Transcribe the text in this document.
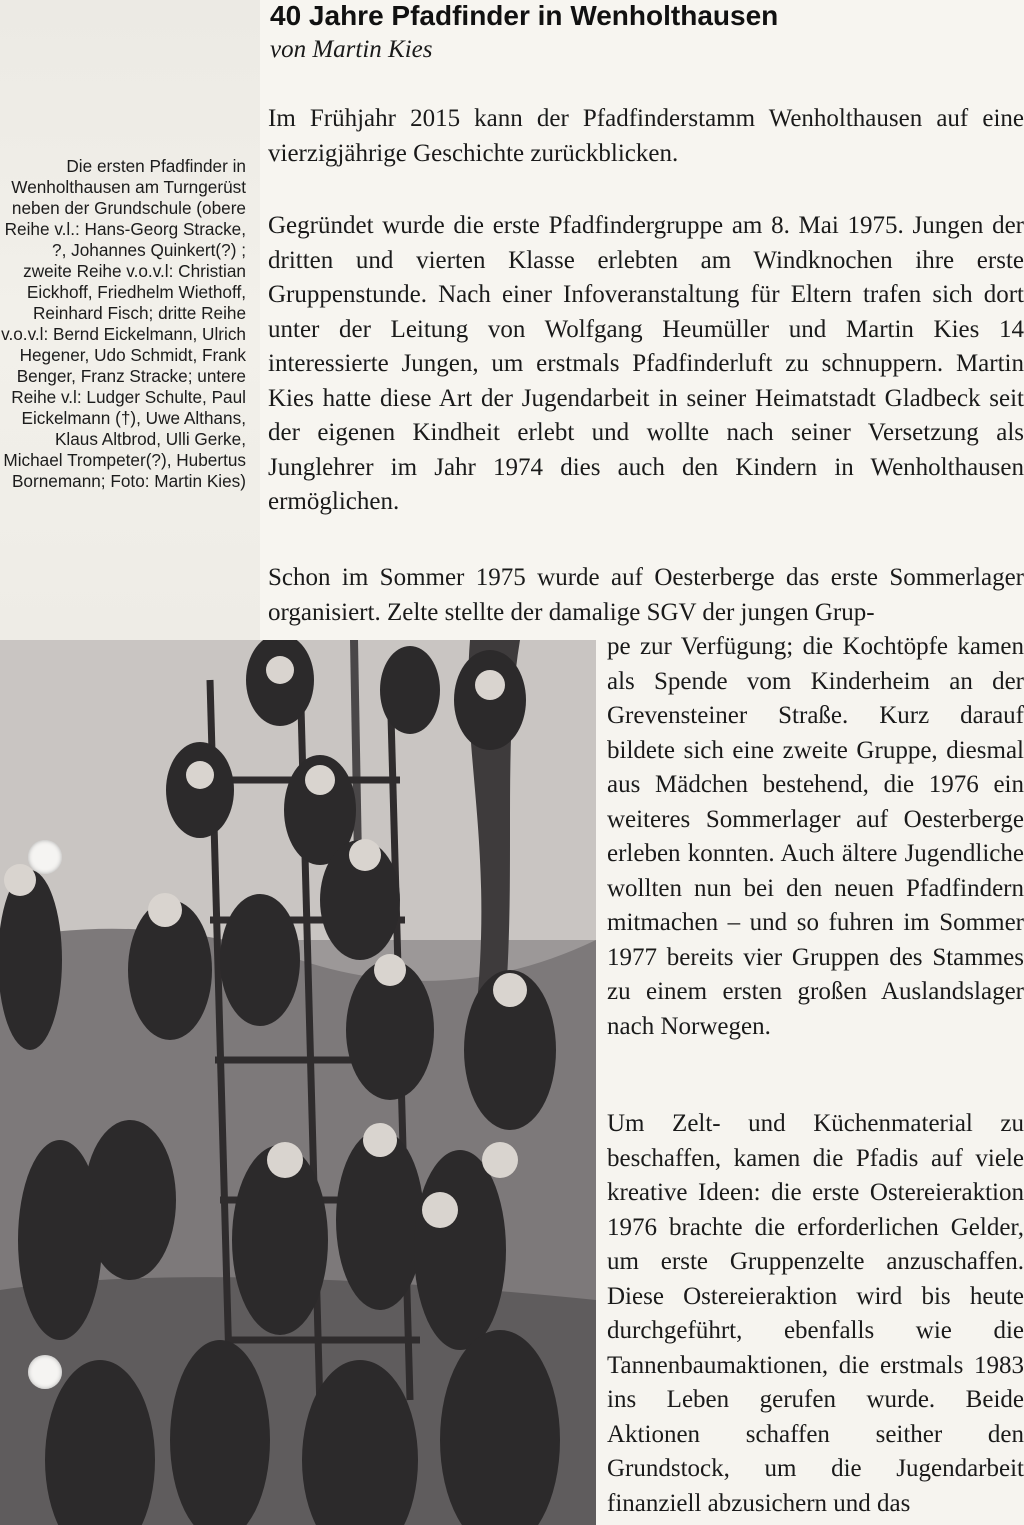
40 Jahre Pfadfinder in Wenholthausen

von Martin Kies

Die ersten Pfadfinder in Wenholthausen am Turngerüst neben der Grundschule (obere Reihe v.l.: Hans-Georg Stracke, ?, Johannes Quinkert(?) ; zweite Reihe v.o.v.l: Christian Eickhoff, Friedhelm Wiethoff, Reinhard Fisch; dritte Reihe v.o.v.l: Bernd Eickelmann, Ulrich Hegener, Udo Schmidt, Frank Benger, Franz Stracke; untere Reihe v.l: Ludger Schulte, Paul Eickelmann (†), Uwe Althans, Klaus Altbrod, Ulli Gerke, Michael Trompeter(?), Hubertus Bornemann; Foto: Martin Kies)

Im Frühjahr 2015 kann der Pfadfinderstamm Wenholthausen auf eine vierzigjährige Geschichte zurückblicken.

Gegründet wurde die erste Pfadfindergruppe am 8. Mai 1975. Jungen der dritten und vierten Klasse erlebten am Windknochen ihre erste Gruppenstunde. Nach einer Infoveranstaltung für Eltern trafen sich dort unter der Leitung von Wolfgang Heumüller und Martin Kies 14 interessierte Jungen, um erstmals Pfadfinderluft zu schnuppern. Martin Kies hatte diese Art der Jugendarbeit in seiner Heimatstadt Gladbeck seit der eigenen Kindheit erlebt und wollte nach seiner Versetzung als Junglehrer im Jahr 1974 dies auch den Kindern in Wenholthausen ermöglichen.

Schon im Sommer 1975 wurde auf Oesterberge das erste Sommerlager organisiert. Zelte stellte der damalige SGV der jungen Grup-
pe zur Verfügung; die Kochtöpfe kamen als Spende vom Kinderheim an der Grevensteiner Straße. Kurz darauf bildete sich eine zweite Gruppe, diesmal aus Mädchen bestehend, die 1976 ein weiteres Sommerlager auf Oesterberge erleben konnten. Auch ältere Jugendliche wollten nun bei den neuen Pfadfindern mitmachen – und so fuhren im Sommer 1977 bereits vier Gruppen des Stammes zu einem ersten großen Auslandslager nach Norwegen.

Um Zelt- und Küchenmaterial zu beschaffen, kamen die Pfadis auf viele kreative Ideen: die erste Ostereieraktion 1976 brachte die erforderlichen Gelder, um erste Gruppenzelte anzuschaffen. Diese Ostereieraktion wird bis heute durchgeführt, ebenfalls wie die Tannenbaumaktionen, die erstmals 1983 ins Leben gerufen wurde. Beide Aktionen schaffen seither den Grundstock, um die Jugendarbeit finanziell abzusichern und das
